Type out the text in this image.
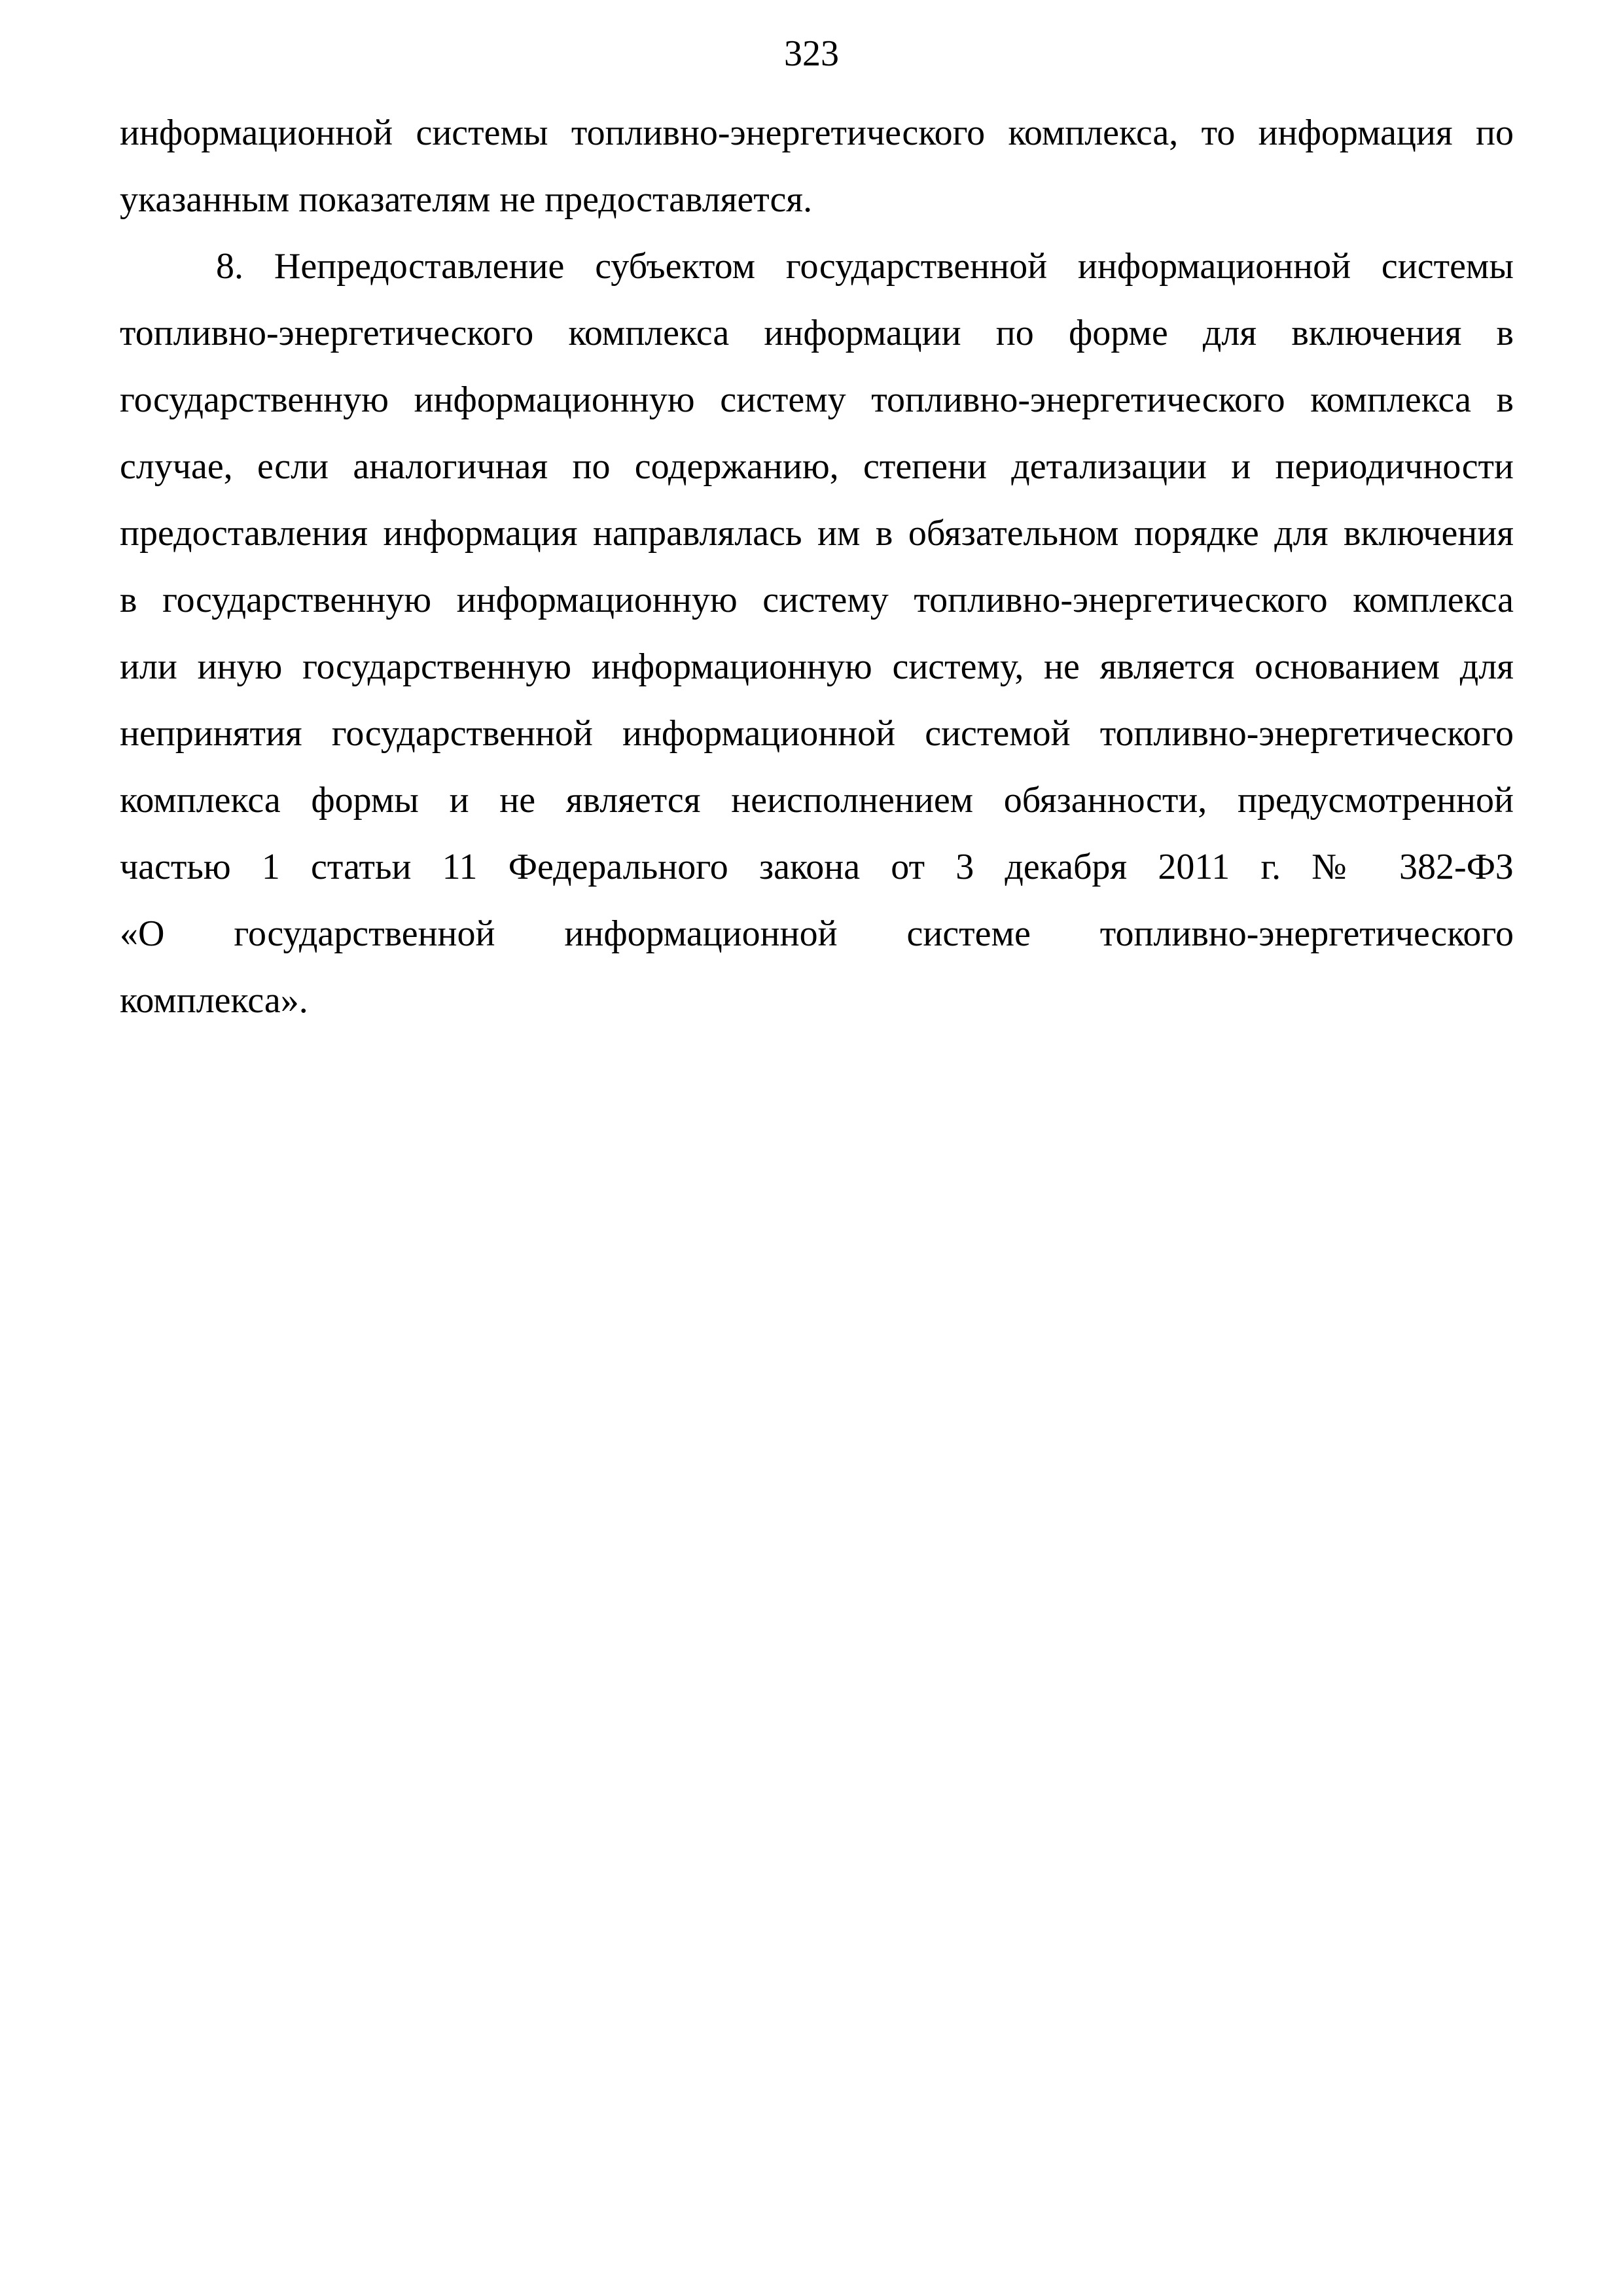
323
информационной системы топливно-энергетического комплекса, то информация по
указанным показателям не предоставляется.
8. Непредоставление субъектом государственной информационной системы
топливно-энергетического комплекса информации по форме для включения в
государственную информационную систему топливно-энергетического комплекса в
случае, если аналогичная по содержанию, степени детализации и периодичности
предоставления информация направлялась им в обязательном порядке для включения
в государственную информационную систему топливно-энергетического комплекса
или иную государственную информационную систему, не является основанием для
непринятия государственной информационной системой топливно-энергетического
комплекса формы и не является неисполнением обязанности, предусмотренной
частью 1 статьи 11 Федерального закона от 3 декабря 2011 г. № 382-ФЗ
«О государственной информационной системе топливно-энергетического
комплекса».
